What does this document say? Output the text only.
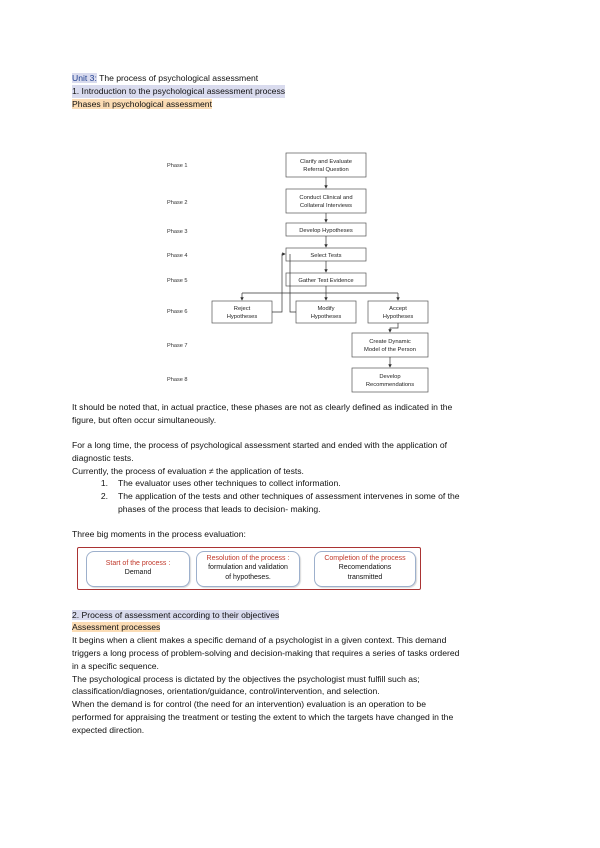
Unit 3: The process of psychological assessment
1. Introduction to the psychological assessment process
Phases in psychological assessment
Phase 1
Phase 2
Phase 3
Phase 4
Phase 5
Phase 6
Phase 7
Phase 8
Clarify and Evaluate
Referral Question
Conduct Clinical and
Collateral Interviews
Develop Hypotheses
Select Tests
Gather Test Evidence
Reject
Hypotheses
Modify
Hypotheses
Accept
Hypotheses
Create Dynamic
Model of the Person
Develop
Recommendations

It should be noted that, in actual practice, these phases are not as clearly defined as indicated in the
figure, but often occur simultaneously.

For a long time, the process of psychological assessment started and ended with the application of
diagnostic tests.
Currently, the process of evaluation ≠ the application of tests.

1.	The evaluator uses other techniques to collect information.
2.	The application of the tests and other techniques of assessment intervenes in some of the
phases of the process that leads to decision- making.

Three big moments in the process evaluation:

Start of the process :
Demand
Resolution of the process :
formulation and validation
of hypotheses.
Completion of the process
Recomendations
transmitted
2. Process of assessment according to their objectives
Assessment processes

It begins when a client makes a specific demand of a psychologist in a given context. This demand
triggers a long process of problem-solving and decision-making that requires a series of tasks ordered
in a specific sequence.

The psychological process is dictated by the objectives the psychologist must fulfill such as;
classification/diagnoses, orientation/guidance, control/intervention, and selection.

When the demand is for control (the need for an intervention) evaluation is an operation to be
performed for appraising the treatment or testing the extent to which the targets have changed in the
expected direction.
